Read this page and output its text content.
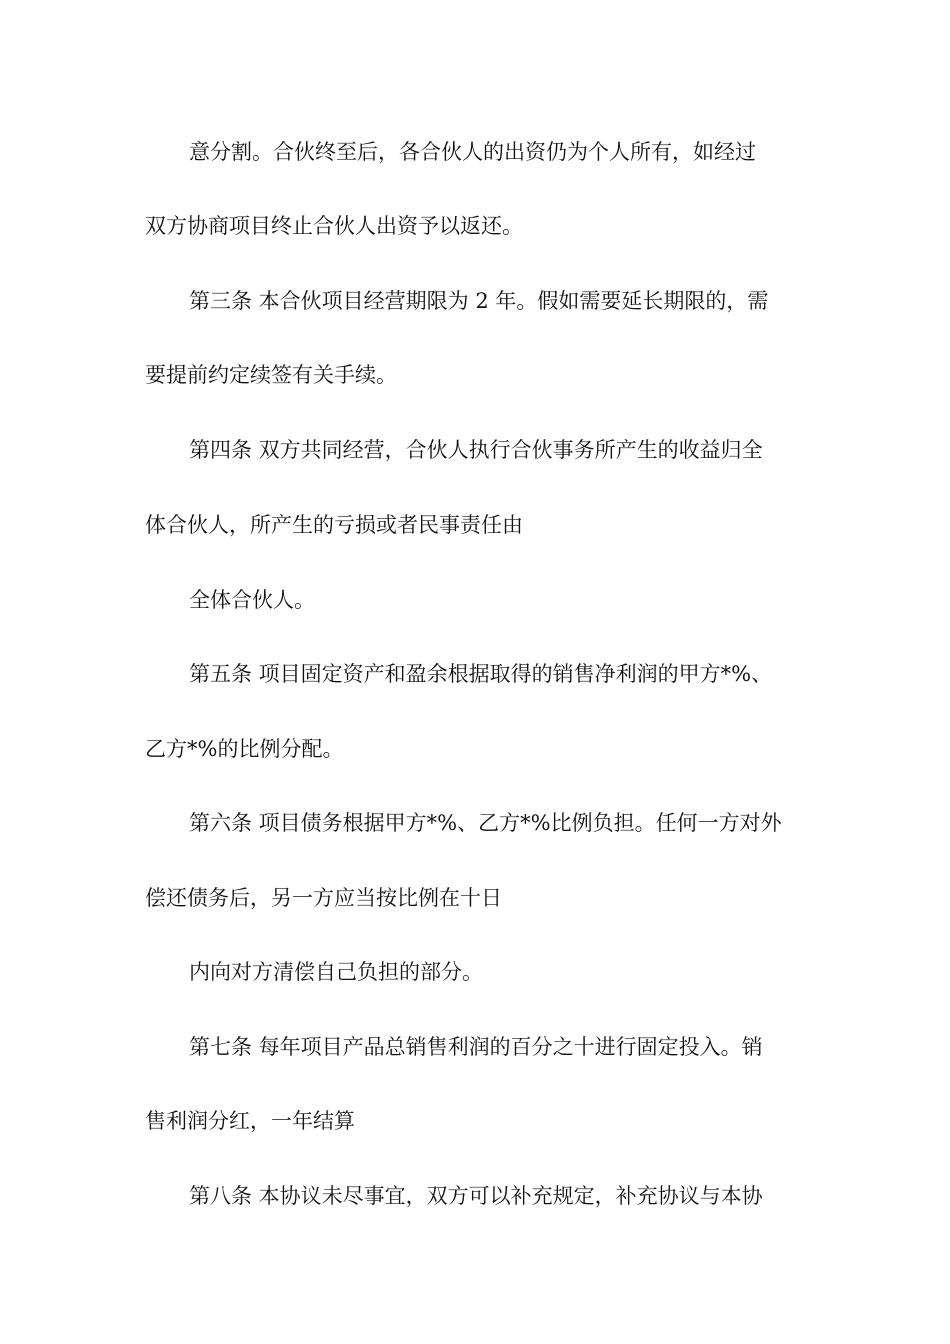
意分割。合伙终至后，各合伙人的出资仍为个人所有，如经过
双方协商项目终止合伙人出资予以返还。
第三条 本合伙项目经营期限为 2 年。假如需要延长期限的，需
要提前约定续签有关手续。
第四条 双方共同经营，合伙人执行合伙事务所产生的收益归全
体合伙人，所产生的亏损或者民事责任由
全体合伙人。
第五条 项目固定资产和盈余根据取得的销售净利润的甲方*%、
乙方*%的比例分配。
第六条 项目债务根据甲方*%、乙方*%比例负担。任何一方对外
偿还债务后，另一方应当按比例在十日
内向对方清偿自己负担的部分。
第七条 每年项目产品总销售利润的百分之十进行固定投入。销
售利润分红，一年结算
第八条 本协议未尽事宜，双方可以补充规定，补充协议与本协
